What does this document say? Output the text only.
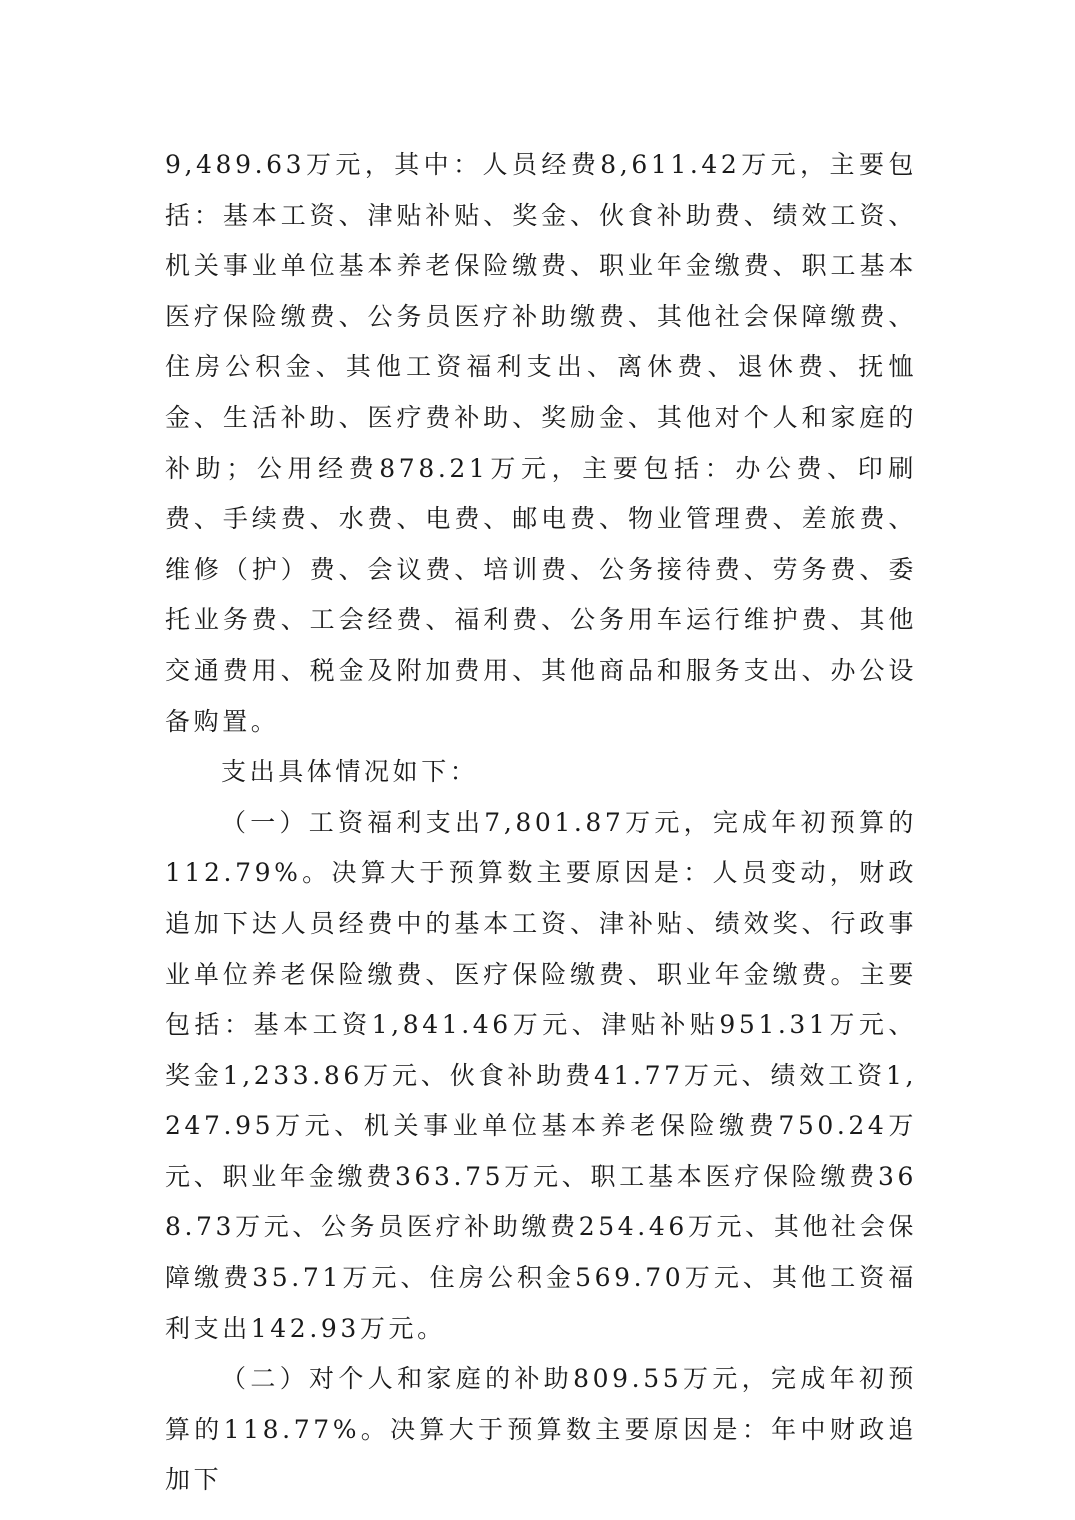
9,489.63万元，其中：人员经费8,611.42万元，主要包括：基本工资、津贴补贴、奖金、伙食补助费、绩效工资、机关事业单位基本养老保险缴费、职业年金缴费、职工基本医疗保险缴费、公务员医疗补助缴费、其他社会保障缴费、住房公积金、其他工资福利支出、离休费、退休费、抚恤金、生活补助、医疗费补助、奖励金、其他对个人和家庭的补助；公用经费878.21万元，主要包括：办公费、印刷费、手续费、水费、电费、邮电费、物业管理费、差旅费、维修（护）费、会议费、培训费、公务接待费、劳务费、委托业务费、工会经费、福利费、公务用车运行维护费、其他交通费用、税金及附加费用、其他商品和服务支出、办公设备购置。

支出具体情况如下：

（一）工资福利支出7,801.87万元，完成年初预算的112.79%。决算大于预算数主要原因是：人员变动，财政追加下达人员经费中的基本工资、津补贴、绩效奖、行政事业单位养老保险缴费、医疗保险缴费、职业年金缴费。主要包括：基本工资1,841.46万元、津贴补贴951.31万元、奖金1,233.86万元、伙食补助费41.77万元、绩效工资1,247.95万元、机关事业单位基本养老保险缴费750.24万元、职业年金缴费363.75万元、职工基本医疗保险缴费368.73万元、公务员医疗补助缴费254.46万元、其他社会保障缴费35.71万元、住房公积金569.70万元、其他工资福利支出142.93万元。

（二）对个人和家庭的补助809.55万元，完成年初预算的118.77%。决算大于预算数主要原因是：年中财政追加下
